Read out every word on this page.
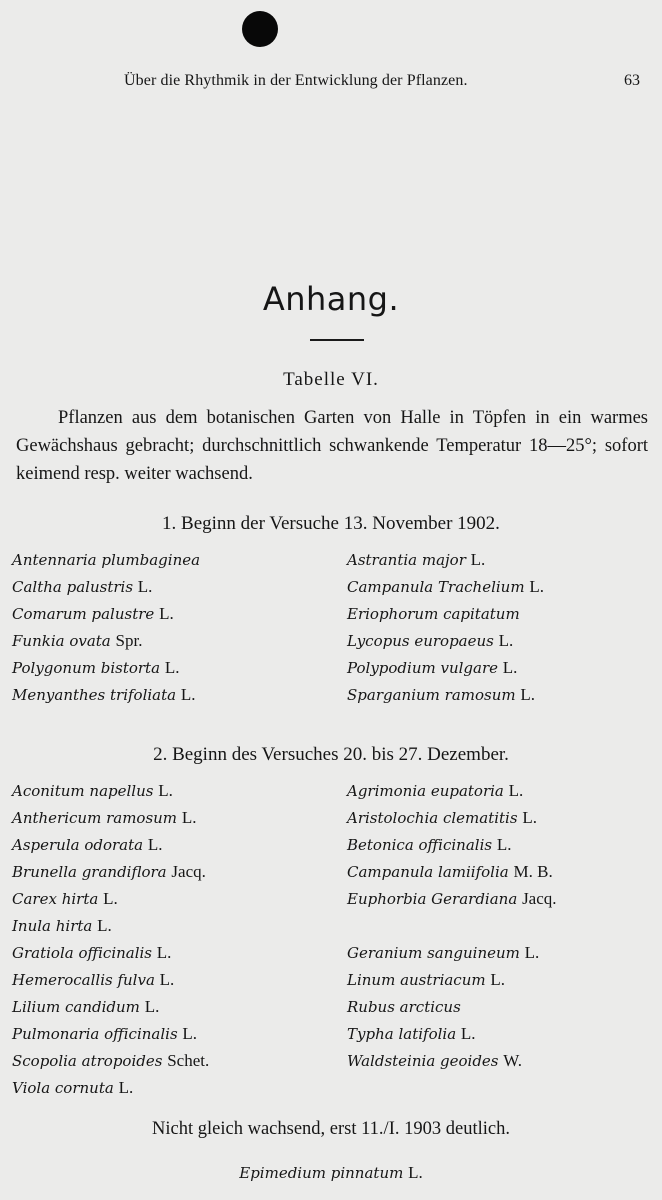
Über die Rhythmik in der Entwicklung der Pflanzen.	63
Anhang.
Tabelle VI.

Pflanzen aus dem botanischen Garten von Halle in Töpfen in ein warmes Gewächshaus gebracht; durchschnittlich schwankende Temperatur 18—25°; sofort keimend resp. weiter wachsend.

1. Beginn der Versuche 13. November 1902.
Antennaria plumbaginea
Caltha palustris L.
Comarum palustre L.
Funkia ovata Spr.
Polygonum bistorta L.
Menyanthes trifoliata L.
Astrantia major L.
Campanula Trachelium L.
Eriophorum capitatum
Lycopus europaeus L.
Polypodium vulgare L.
Sparganium ramosum L.
2. Beginn des Versuches 20. bis 27. Dezember.
Aconitum napellus L.
Anthericum ramosum L.
Asperula odorata L.
Brunella grandiflora Jacq.
Carex hirta L.
Inula hirta L.
Gratiola officinalis L.
Hemerocallis fulva L.
Lilium candidum L.
Pulmonaria officinalis L.
Scopolia atropoides Schet.
Viola cornuta L.
Agrimonia eupatoria L.
Aristolochia clematitis L.
Betonica officinalis L.
Campanula lamiifolia M. B.
Euphorbia Gerardiana Jacq.
Geranium sanguineum L.
Linum austriacum L.
Rubus arcticus
Typha latifolia L.
Waldsteinia geoides W.
Nicht gleich wachsend, erst 11./I. 1903 deutlich.
Epimedium pinnatum L.
